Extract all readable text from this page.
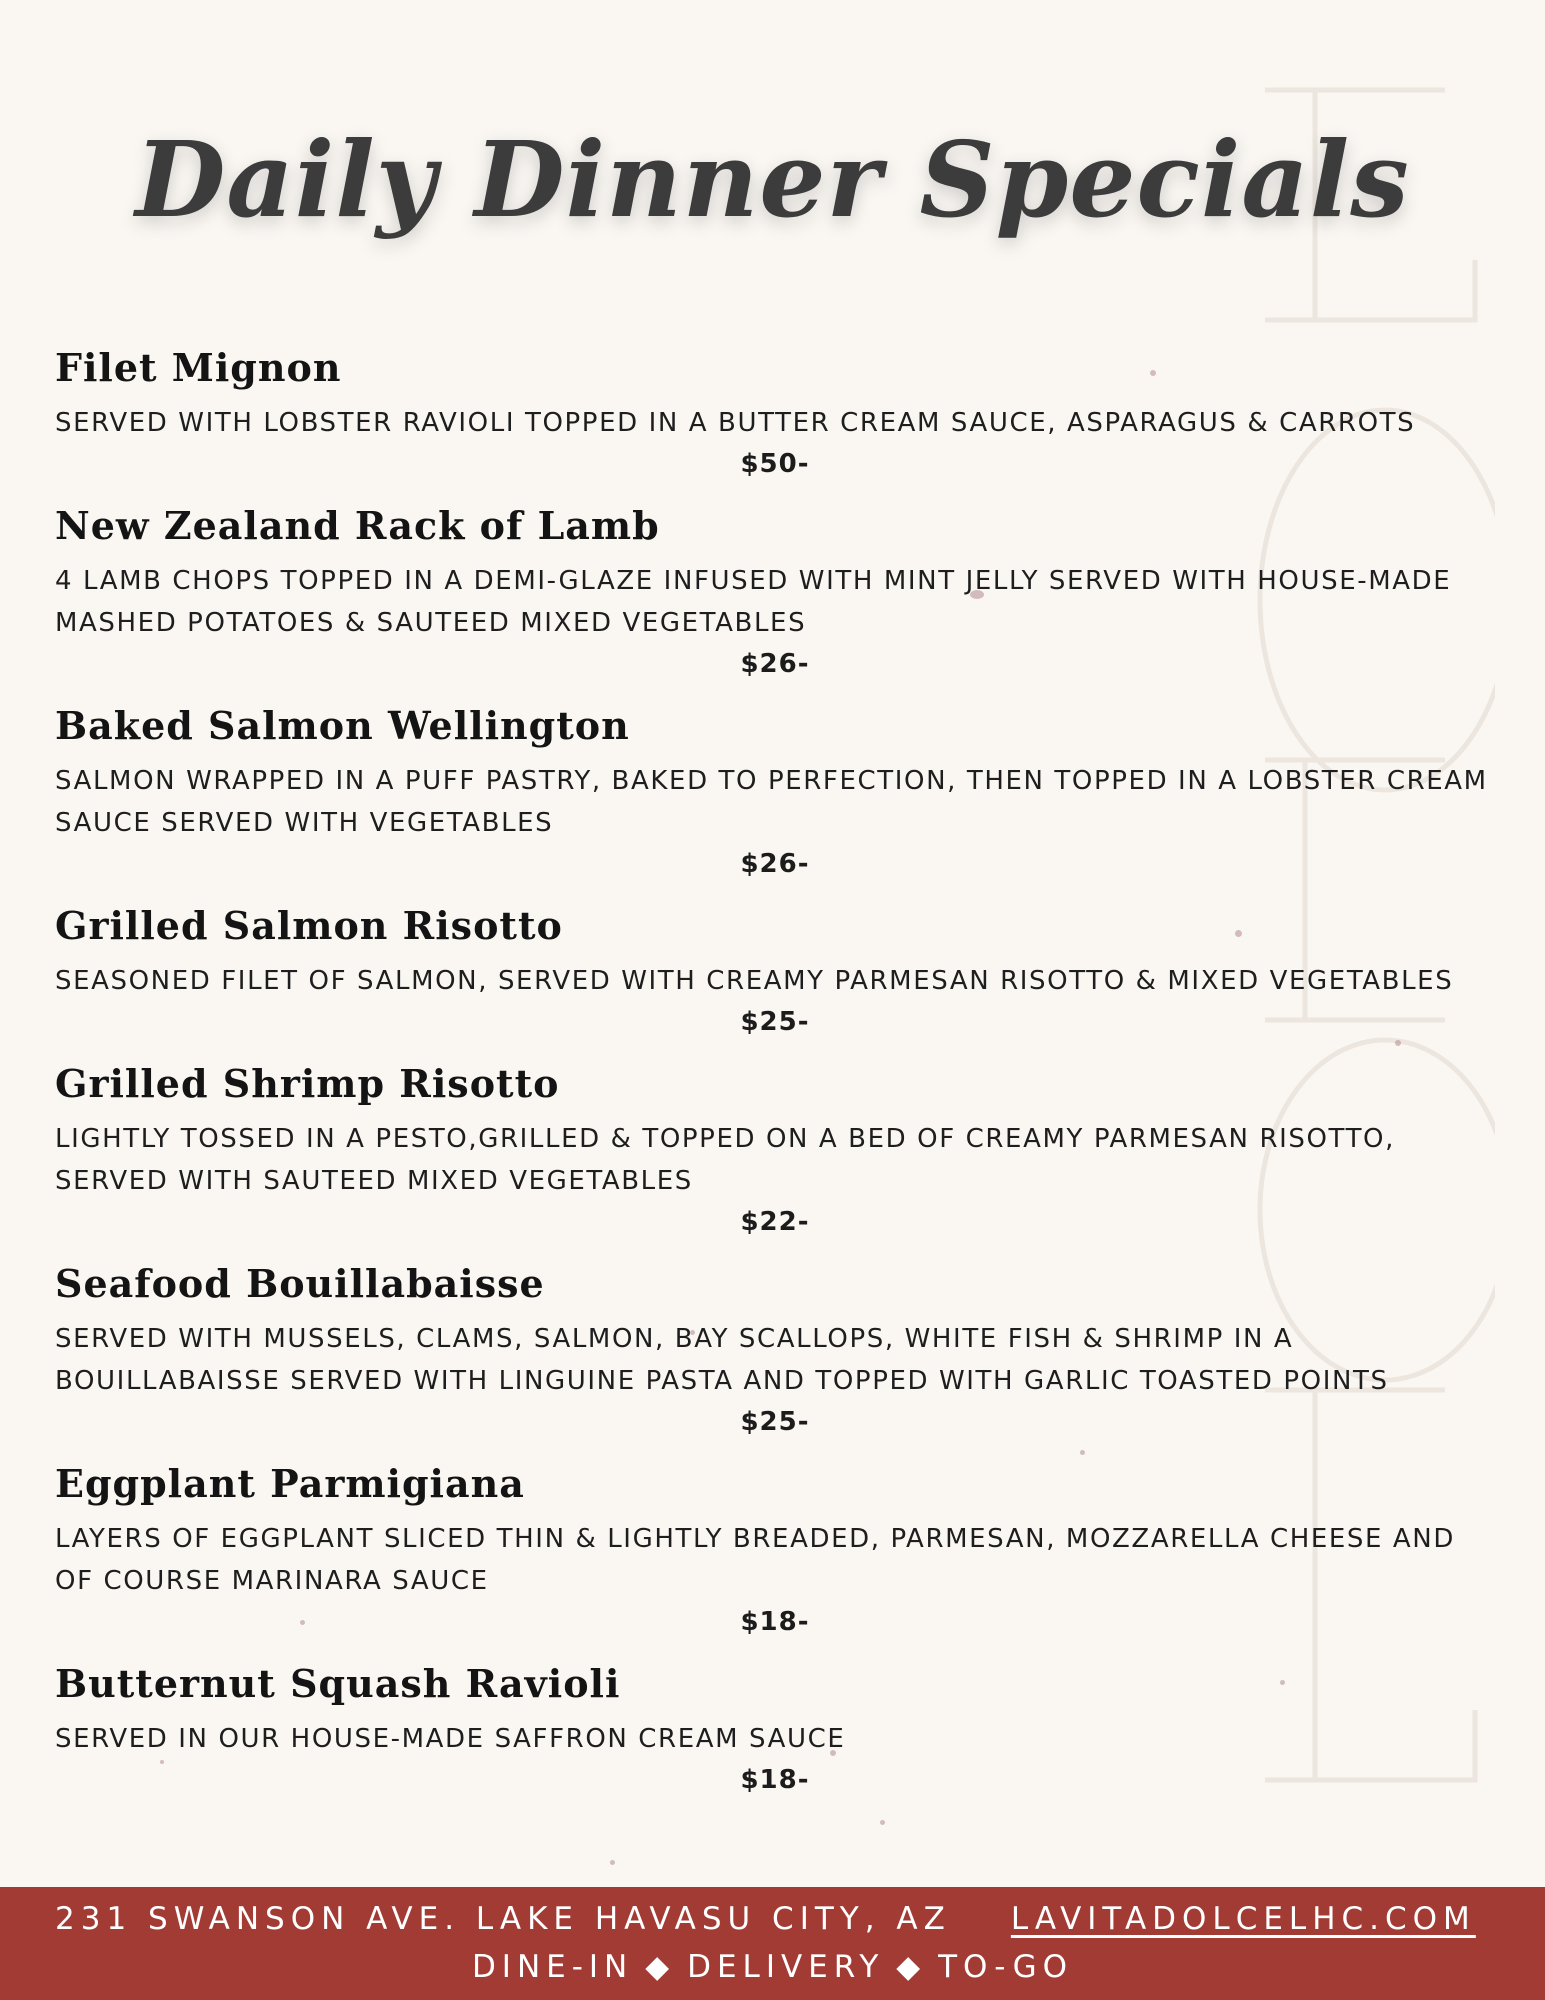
Daily Dinner Specials
Filet Mignon
SERVED WITH LOBSTER RAVIOLI TOPPED IN A BUTTER CREAM SAUCE, ASPARAGUS & CARROTS
$50-
New Zealand Rack of Lamb
4 LAMB CHOPS TOPPED IN A DEMI-GLAZE INFUSED WITH MINT JELLY SERVED WITH HOUSE-MADE MASHED POTATOES & SAUTEED MIXED VEGETABLES
$26-
Baked Salmon Wellington
SALMON WRAPPED IN A PUFF PASTRY, BAKED TO PERFECTION, THEN TOPPED IN A LOBSTER CREAM SAUCE SERVED WITH VEGETABLES
$26-
Grilled Salmon Risotto
SEASONED FILET OF SALMON, SERVED WITH CREAMY PARMESAN RISOTTO & MIXED VEGETABLES
$25-
Grilled Shrimp Risotto
LIGHTLY TOSSED IN A PESTO,GRILLED & TOPPED ON A BED OF CREAMY PARMESAN RISOTTO, SERVED WITH SAUTEED MIXED VEGETABLES
$22-
Seafood Bouillabaisse
SERVED WITH MUSSELS, CLAMS, SALMON, BAY SCALLOPS, WHITE FISH & SHRIMP IN A BOUILLABAISSE SERVED WITH LINGUINE PASTA AND TOPPED WITH GARLIC TOASTED POINTS
$25-
Eggplant Parmigiana
LAYERS OF EGGPLANT SLICED THIN & LIGHTLY BREADED, PARMESAN, MOZZARELLA CHEESE AND OF COURSE MARINARA SAUCE
$18-
Butternut Squash Ravioli
SERVED IN OUR HOUSE-MADE SAFFRON CREAM SAUCE
$18-
231 SWANSON AVE. LAKE HAVASU CITY, AZ LAVITADOLCELHC.COM
DINE-IN ◆ DELIVERY ◆ TO-GO
